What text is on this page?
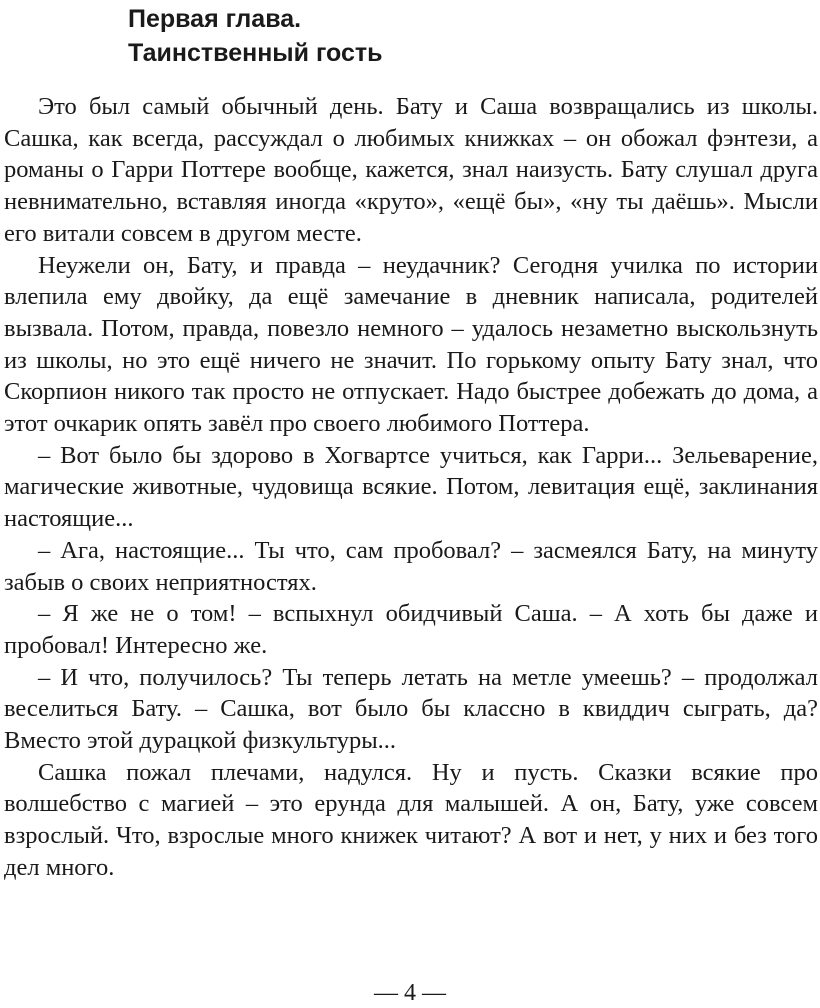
Первая глава.
Таинственный гость

Это был самый обычный день. Бату и Саша возвращались из школы. Сашка, как всегда, рассуждал о любимых книжках – он обожал фэнтези, а романы о Гарри Поттере вообще, кажется, знал наизусть. Бату слушал друга невнимательно, вставляя иногда «круто», «ещё бы», «ну ты даёшь». Мысли его витали совсем в другом месте.

Неужели он, Бату, и правда – неудачник? Сегодня училка по истории влепила ему двойку, да ещё замечание в дневник написала, родителей вызвала. Потом, правда, повезло немного – удалось незаметно выскользнуть из школы, но это ещё ничего не значит. По горькому опыту Бату знал, что Скорпион никого так просто не отпускает. Надо быстрее добежать до дома, а этот очкарик опять завёл про своего любимого Поттера.

– Вот было бы здорово в Хогвартсе учиться, как Гарри... Зельеварение, магические животные, чудовища всякие. Потом, левитация ещё, заклинания настоящие...

– Ага, настоящие... Ты что, сам пробовал? – засмеялся Бату, на минуту забыв о своих неприятностях.

– Я же не о том! – вспыхнул обидчивый Саша. – А хоть бы даже и пробовал! Интересно же.

– И что, получилось? Ты теперь летать на метле умеешь? – продолжал веселиться Бату. – Сашка, вот было бы классно в квиддич сыграть, да? Вместо этой дурацкой физкультуры...

Сашка пожал плечами, надулся. Ну и пусть. Сказки всякие про волшебство с магией – это ерунда для малышей. А он, Бату, уже совсем взрослый. Что, взрослые много книжек читают? А вот и нет, у них и без того дел много.

— 4 —
